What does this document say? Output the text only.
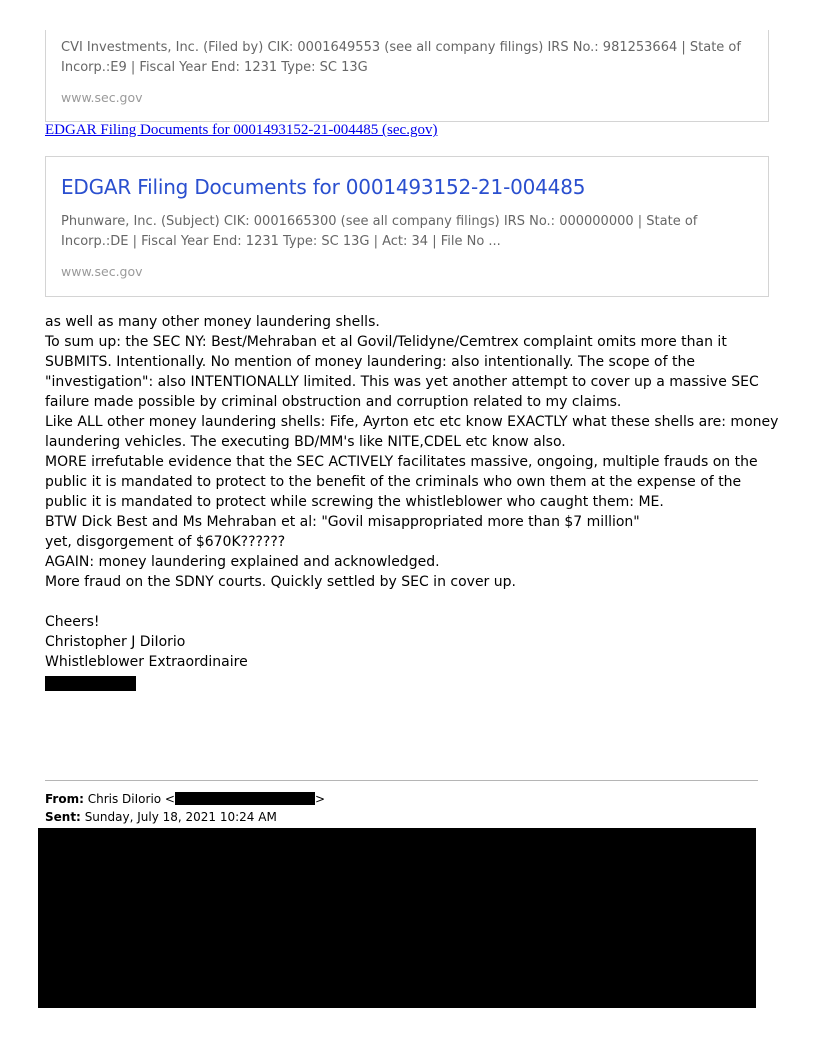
CVI Investments, Inc. (Filed by) CIK: 0001649553 (see all company filings) IRS No.: 981253664 | State of Incorp.:E9 | Fiscal Year End: 1231 Type: SC 13G
www.sec.gov
EDGAR Filing Documents for 0001493152-21-004485 (sec.gov)
EDGAR Filing Documents for 0001493152-21-004485
Phunware, Inc. (Subject) CIK: 0001665300 (see all company filings) IRS No.: 000000000 | State of Incorp.:DE | Fiscal Year End: 1231 Type: SC 13G | Act: 34 | File No ...
www.sec.gov

as well as many other money laundering shells.

To sum up: the SEC NY: Best/Mehraban et al Govil/Telidyne/Cemtrex complaint omits more than it SUBMITS. Intentionally. No mention of money laundering: also intentionally. The scope of the "investigation": also INTENTIONALLY limited. This was yet another attempt to cover up a massive SEC failure made possible by criminal obstruction and corruption related to my claims.

Like ALL other money laundering shells: Fife, Ayrton etc etc know EXACTLY what these shells are: money laundering vehicles. The executing BD/MM's like NITE,CDEL etc know also.

MORE irrefutable evidence that the SEC ACTIVELY facilitates massive, ongoing, multiple frauds on the public it is mandated to protect to the benefit of the criminals who own them at the expense of the public it is mandated to protect while screwing the whistleblower who caught them: ME.

BTW Dick Best and Ms Mehraban et al: "Govil misappropriated more than $7 million"

yet, disgorgement of $670K??????

AGAIN: money laundering explained and acknowledged.

More fraud on the SDNY courts. Quickly settled by SEC in cover up.

Cheers!

Christopher J DiIorio

Whistleblower Extraordinaire

From: Chris DiIorio <	>
Sent: Sunday, July 18, 2021 10:24 AM
